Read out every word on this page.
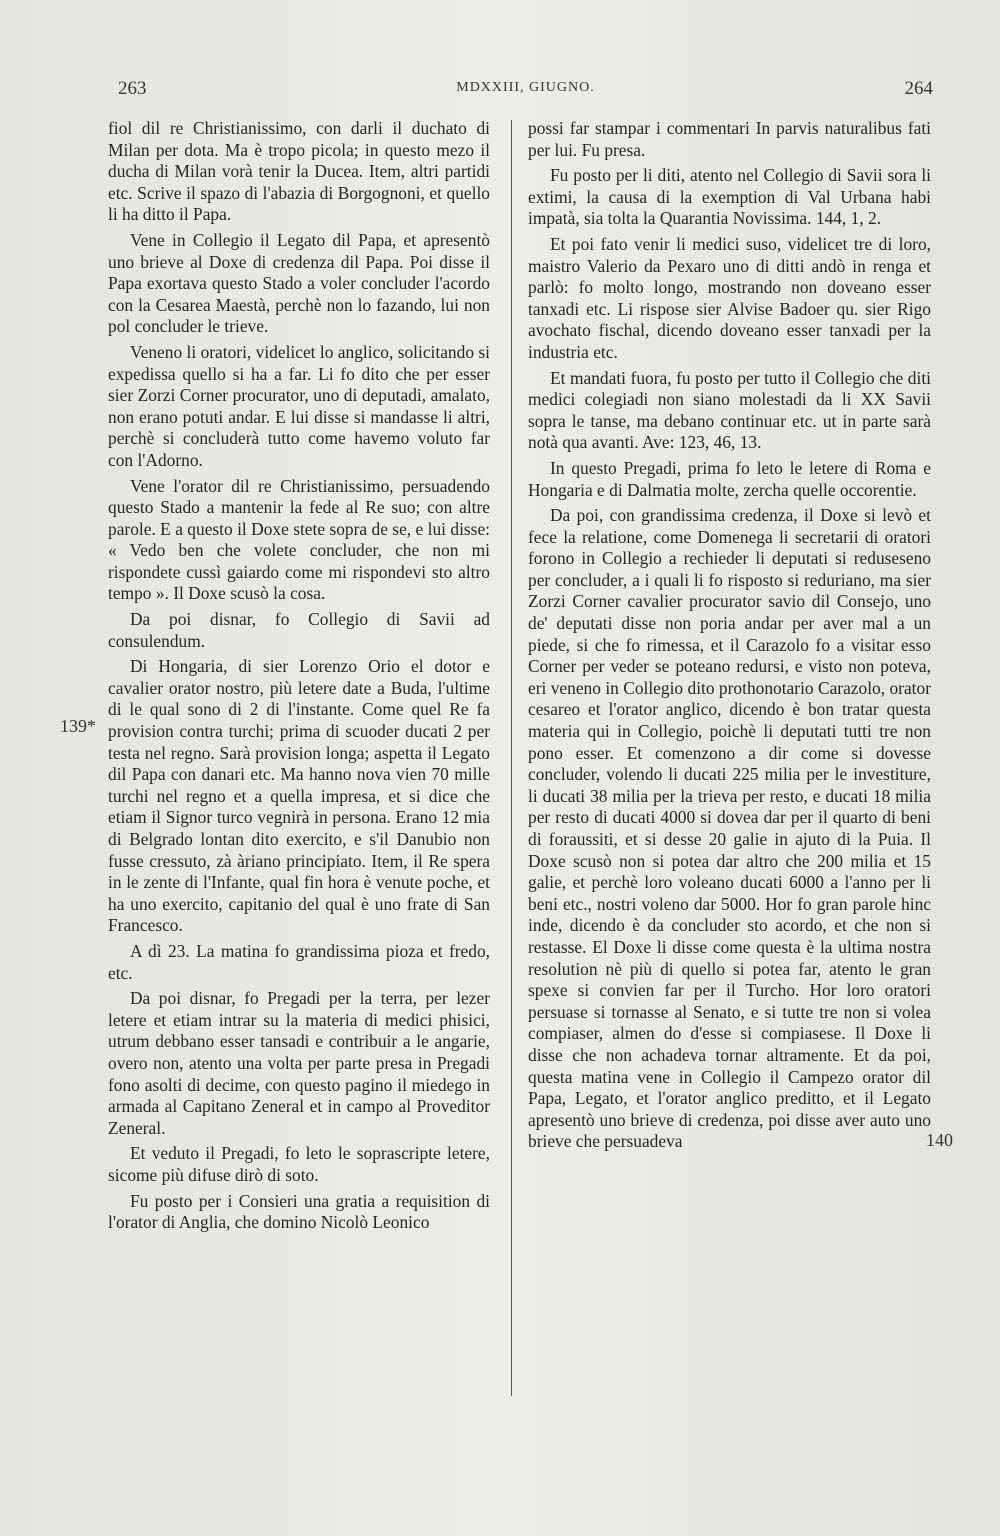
263	MDXXIII, GIUGNO.	264

fiol dil re Christianissimo, con darli il duchato di Milan per dota. Ma è tropo picola; in questo mezo il ducha di Milan vorà tenir la Ducea. Item, altri partidi etc. Scrive il spazo di l'abazia di Borgognoni, et quello li ha ditto il Papa.

Vene in Collegio il Legato dil Papa, et apresentò uno brieve al Doxe di credenza dil Papa. Poi disse il Papa exortava questo Stado a voler concluder l'acordo con la Cesarea Maestà, perchè non lo fazando, lui non pol concluder le trieve.

Veneno li oratori, videlicet lo anglico, solicitando si expedissa quello si ha a far. Li fo dito che per esser sier Zorzi Corner procurator, uno di deputadi, amalato, non erano potuti andar. E lui disse si mandasse li altri, perchè si concluderà tutto come havemo voluto far con l'Adorno.

Vene l'orator dil re Christianissimo, persuadendo questo Stado a mantenir la fede al Re suo; con altre parole. E a questo il Doxe stete sopra de se, e lui disse: « Vedo ben che volete concluder, che non mi rispondete cussì gaiardo come mi rispondevi sto altro tempo ». Il Doxe scusò la cosa.

Da poi disnar, fo Collegio di Savii ad consulendum.

Di Hongaria, di sier Lorenzo Orio el dotor e cavalier orator nostro, più letere date a Buda, l'ultime di le qual sono di 2 di l'instante. Come quel Re fa provision contra turchi; prima di scuoder ducati 2 per testa nel regno. Sarà provision longa; aspetta il Legato dil Papa con danari etc. Ma hanno nova vien 70 mille turchi nel regno et a quella impresa, et si dice che etiam il Signor turco vegnirà in persona. Erano 12 mia di Belgrado lontan dito exercito, e s'il Danubio non fusse cressuto, zà àriano principiato. Item, il Re spera in le zente di l'Infante, qual fin hora è venute poche, et ha uno exercito, capitanio del qual è uno frate di San Francesco.

A dì 23. La matina fo grandissima pioza et fredo, etc.

Da poi disnar, fo Pregadi per la terra, per lezer letere et etiam intrar su la materia di medici phisici, utrum debbano esser tansadi e contribuir a le angarie, overo non, atento una volta per parte presa in Pregadi fono asolti di decime, con questo pagino il miedego in armada al Capitano Zeneral et in campo al Proveditor Zeneral.

Et veduto il Pregadi, fo leto le soprascripte letere, sicome più difuse dirò di soto.

Fu posto per i Consieri una gratia a requisition di l'orator di Anglia, che domino Nicolò Leonico

possi far stampar i commentari In parvis naturalibus fati per lui. Fu presa.

Fu posto per li diti, atento nel Collegio di Savii sora li extimi, la causa di la exemption di Val Urbana habi impatà, sia tolta la Quarantia Novissima. 144, 1, 2.

Et poi fato venir li medici suso, videlicet tre di loro, maistro Valerio da Pexaro uno di ditti andò in renga et parlò: fo molto longo, mostrando non doveano esser tanxadi etc. Li rispose sier Alvise Badoer qu. sier Rigo avochato fischal, dicendo doveano esser tanxadi per la industria etc.

Et mandati fuora, fu posto per tutto il Collegio che diti medici colegiadi non siano molestadi da li XX Savii sopra le tanse, ma debano continuar etc. ut in parte sarà notà qua avanti. Ave: 123, 46, 13.

In questo Pregadi, prima fo leto le letere di Roma e Hongaria e di Dalmatia molte, zercha quelle occorentie.

Da poi, con grandissima credenza, il Doxe si levò et fece la relatione, come Domenega li secretarii di oratori forono in Collegio a rechieder li deputati si reduseseno per concluder, a i quali li fo risposto si reduriano, ma sier Zorzi Corner cavalier procurator savio dil Consejo, uno de' deputati disse non poria andar per aver mal a un piede, si che fo rimessa, et il Carazolo fo a visitar esso Corner per veder se poteano redursi, e visto non poteva, eri veneno in Collegio dito prothonotario Carazolo, orator cesareo et l'orator anglico, dicendo è bon tratar questa materia qui in Collegio, poichè li deputati tutti tre non pono esser. Et comenzono a dir come si dovesse concluder, volendo li ducati 225 milia per le investiture, li ducati 38 milia per la trieva per resto, e ducati 18 milia per resto di ducati 4000 si dovea dar per il quarto di beni di foraussiti, et si desse 20 galie in ajuto di la Puia. Il Doxe scusò non si potea dar altro che 200 milia et 15 galie, et perchè loro voleano ducati 6000 a l'anno per li beni etc., nostri voleno dar 5000. Hor fo gran parole hinc inde, dicendo è da concluder sto acordo, et che non si restasse. El Doxe li disse come questa è la ultima nostra resolution nè più di quello si potea far, atento le gran spexe si convien far per il Turcho. Hor loro oratori persuase si tornasse al Senato, e si tutte tre non si volea compiaser, almen do d'esse si compiasese. Il Doxe li disse che non achadeva tornar altramente. Et da poi, questa matina vene in Collegio il Campezo orator dil Papa, Legato, et l'orator anglico preditto, et il Legato apresentò uno brieve di credenza, poi disse aver auto uno brieve che persuadeva

139*
140
